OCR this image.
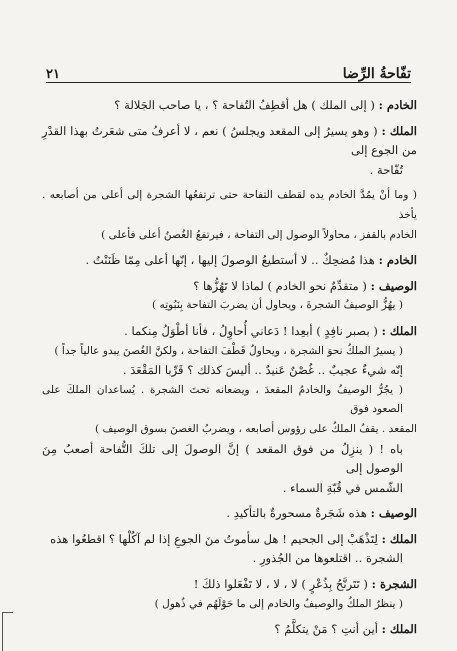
تفّاحةُ الرِّضا
٢١

الخادم : ( إلى الملك ) هل أقطِفُ التُفاحة ؟ ، يا صاحب الجَلالة ؟

الملك : ( وهو يسيرُ إلى المقعد ويجلسُ ) نعم ، لا أعرفُ متى شعَرتُ بهذا القدْرِ من الجوع إلى

تُفّاحة .

( وما أنْ يمُدَّ الخادم يده لقطف التفاحة حتى ترتفعُها الشجرة إلى أعلى من أصابعه . يأخذ

الخادم بالقفز ، محاولاً الوصول إلى التفاحة ، فيرتفعُ الغُصنُ أعلى فأعلى )

الخادم : هذا مُضحِكٌ .. لا أستطيعُ الوصولَ إليها ، إنّها أعلى مِمّا ظَنَنْتُ .

الوصيف : ( متقدِّمٌ نحو الخادم ) لماذا لا تَهُزُّها ؟

( يهُزُّ الوصيفُ الشجرةَ ، ويحاول أن يضربَ التفاحة بِنَبُوتِه )

الملك : ( بصبر نافِدٍ ) أبعِدا ! دَعاني أُحاوِلُ ، فأنا أطْوَلُ مِنكما .

( يسيرُ الملكُ نحوَ الشجرة ، ويحاولُ قَطْفَ التفاحة ، ولكنَّ الغُصنَ يبدو عالياً جداً )

إنّه شيءٌ عجيبٌ .. غُصْنٌ عَنيدٌ .. أليسَ كذلك ؟ قَرِّبا المَقْعَدَ .

( يجُرُّ الوصيفُ والخادمُ المقعدَ ، ويضعانه تحتَ الشجرة . يُساعدان الملكَ على الصعود فوق

المقعد . يقفُ الملكُ على رؤوس أصابعه ، ويضربُ الغصنَ بسوق الوصيف )

باه ! ( ينزِلُ من فوق المقعد ) إنَّ الوصولَ إلى تلكَ التُّفاحة أصعبُ مِنَ الوصول إلى

الشّمس في قُبّةِ السماء .

الوصيف : هذه شَجَرةٌ مسحورةٌ بالتأكيدِ .

الملك : لِتَذْهَبْ إلى الجحيم ! هل سأموتُ منَ الجوعِ إذا لم آكُلْها ؟ اقطعُوا هذه

الشجرة .. اقتلعوها من الجُذورِ .

الشجرة : ( تَتَرنَّحُ بِذُعْرٍ ) لا ، لا ، لا تَفْعَلوا ذلكَ !

( ينظرُ الملكُ والوصيفُ والخادم إلى ما حَوْلَهُم في ذُهول )

الملك : أين أنتِ ؟ مَنْ يتكلَّمُ ؟
